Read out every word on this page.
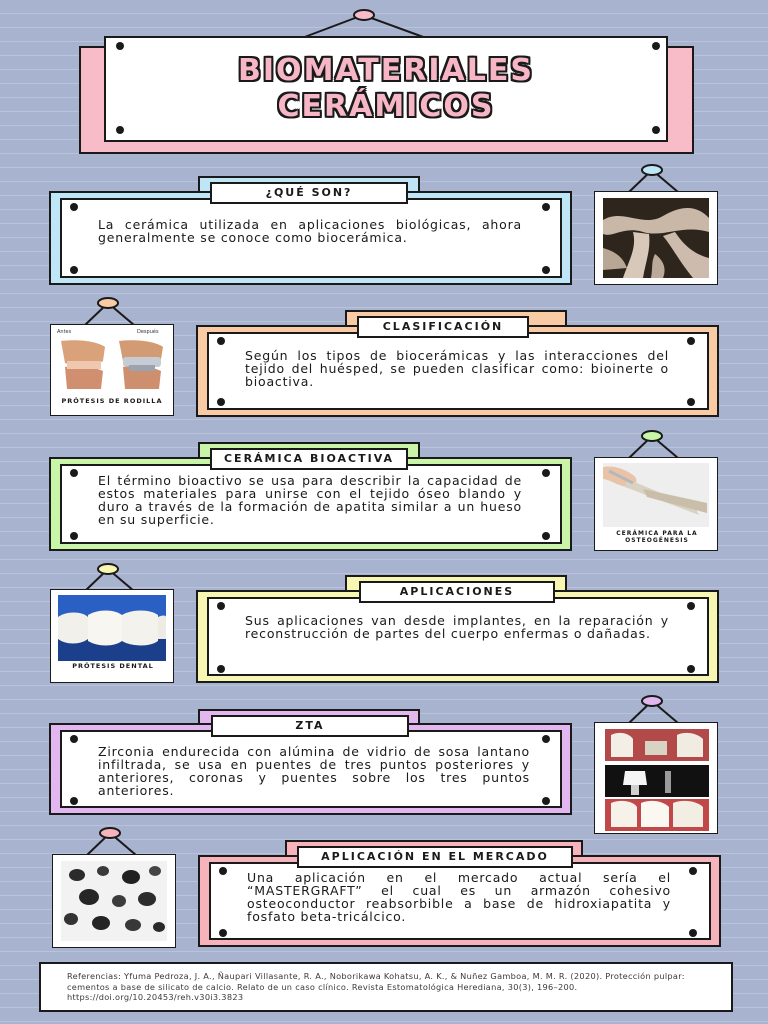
BIOMATERIALES
CERÁMICOS
¿QUÉ SON?
La cerámica utilizada en aplicaciones biológicas, ahora generalmente se conoce como biocerámica.
Antes	Después
PRÓTESIS DE RODILLA
CLASIFICACIÓN
Según los tipos de biocerámicas y las interacciones del tejido del huésped, se pueden clasificar como: bioinerte o bioactiva.
CERÁMICA BIOACTIVA
El término bioactivo se usa para describir la capacidad de estos materiales para unirse con el tejido óseo blando y duro a través de la formación de apatita similar a un hueso en su superficie.
CERÁMICA PARA LA OSTEOGÉNESIS
PRÓTESIS DENTAL
APLICACIONES
Sus aplicaciones van desde implantes, en la reparación y reconstrucción de partes del cuerpo enfermas o dañadas.
ZTA
Zirconia endurecida con alúmina de vidrio de sosa lantano infiltrada, se usa en puentes de tres puntos posteriores y anteriores, coronas y puentes sobre los tres puntos anteriores.
APLICACIÓN EN EL MERCADO
Una aplicación en el mercado actual sería el “MASTERGRAFT” el cual es un armazón cohesivo osteoconductor reabsorbible a base de hidroxiapatita y fosfato beta-tricálcico.
Referencias: Yfuma Pedroza, J. A., Ñaupari Villasante, R. A., Noborikawa Kohatsu, A. K., & Nuñez Gamboa, M. M. R. (2020). Protección pulpar: cementos a base de silicato de calcio. Relato de un caso clínico. Revista Estomatológica Herediana, 30(3), 196–200. https://doi.org/10.20453/reh.v30i3.3823
